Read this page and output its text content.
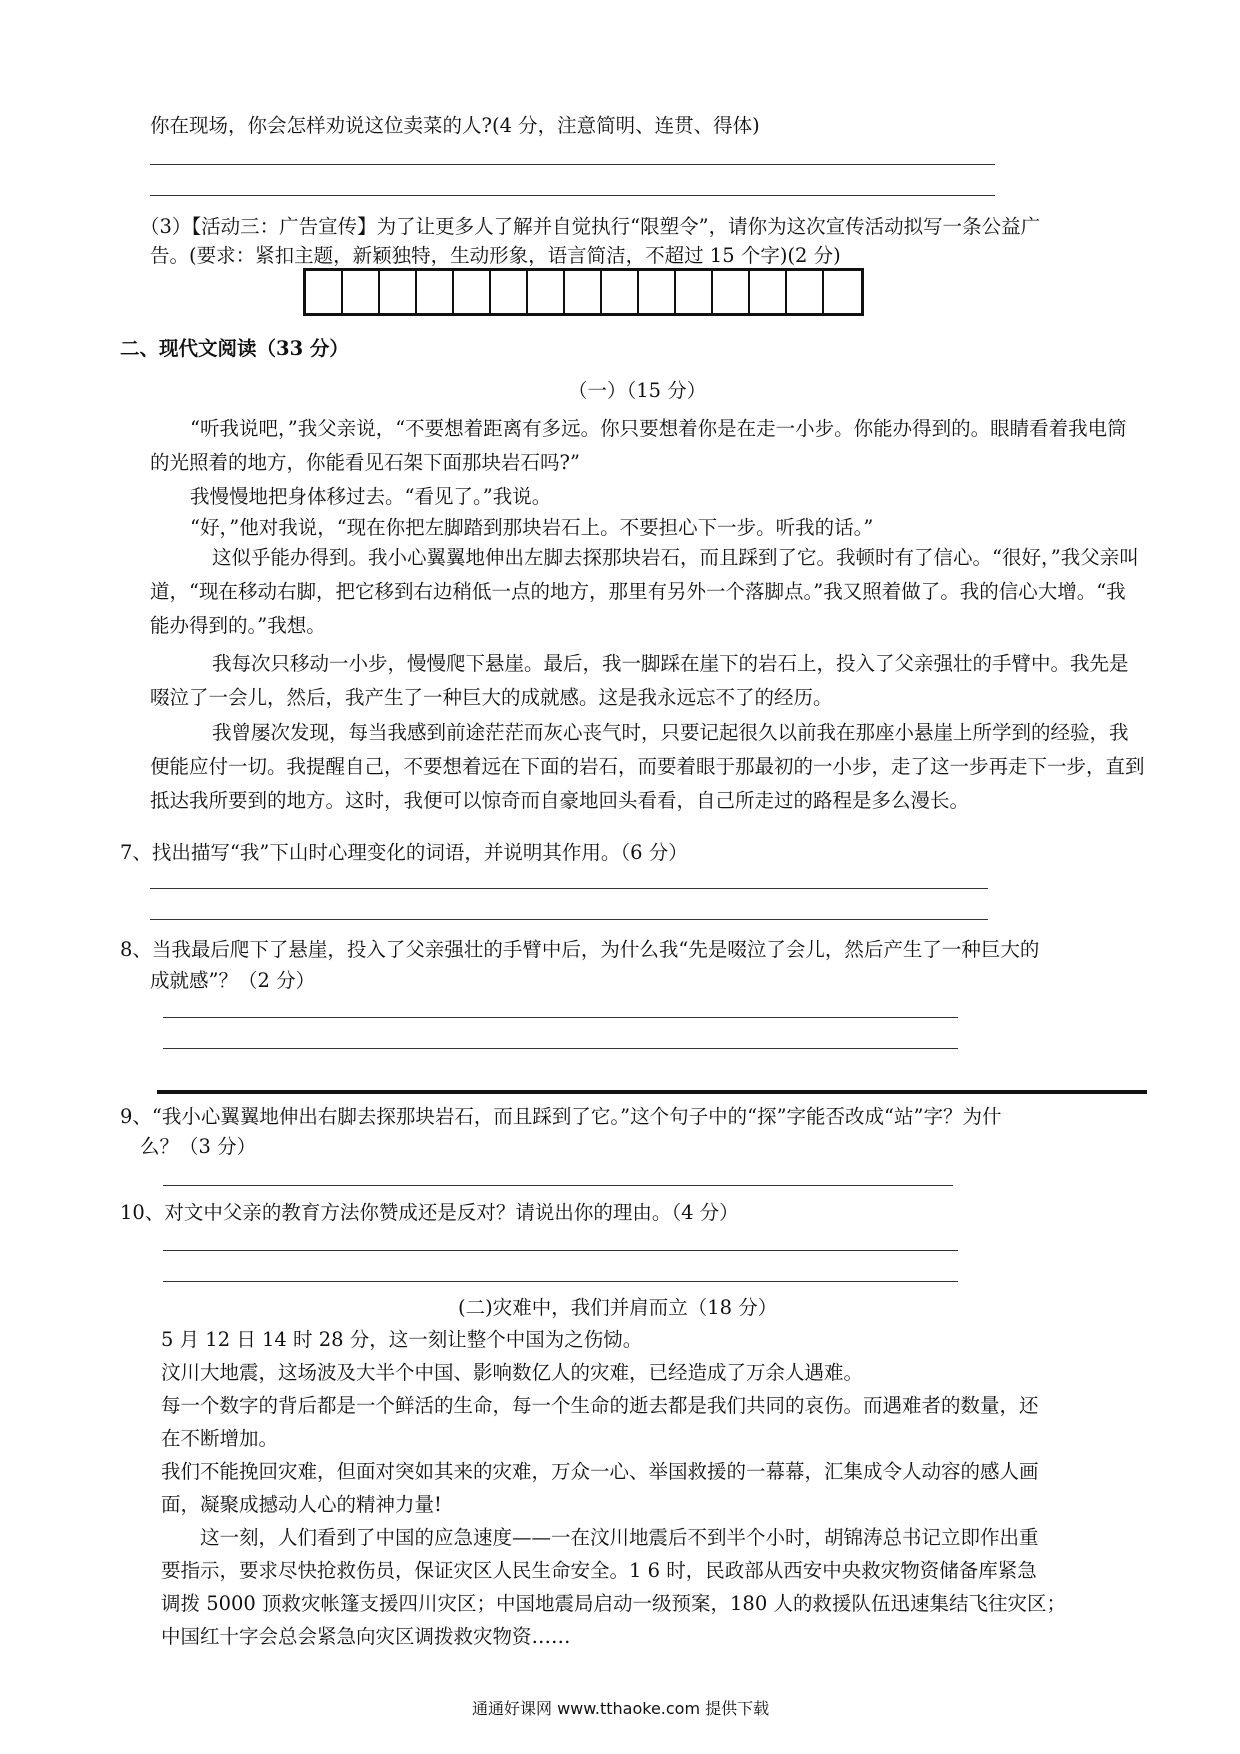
你在现场，你会怎样劝说这位卖菜的人?(4 分，注意简明、连贯、得体)
（3）【活动三：广告宣传】为了让更多人了解并自觉执行“限塑令”，请你为这次宣传活动拟写一条公益广
告。(要求：紧扣主题，新颖独特，生动形象，语言简洁，不超过 15 个字)(2 分)
二、现代文阅读（33 分）
（一）（15 分）
“听我说吧，”我父亲说，“不要想着距离有多远。你只要想着你是在走一小步。你能办得到的。眼睛看着我电筒的光照着的地方，你能看见石架下面那块岩石吗?”
我慢慢地把身体移过去。“看见了。”我说。
“好，”他对我说，“现在你把左脚踏到那块岩石上。不要担心下一步。听我的话。”
这似乎能办得到。我小心翼翼地伸出左脚去探那块岩石，而且踩到了它。我顿时有了信心。“很好，”我父亲叫道，“现在移动右脚，把它移到右边稍低一点的地方，那里有另外一个落脚点。”我又照着做了。我的信心大增。“我能办得到的。”我想。
我每次只移动一小步，慢慢爬下悬崖。最后，我一脚踩在崖下的岩石上，投入了父亲强壮的手臂中。我先是啜泣了一会儿，然后，我产生了一种巨大的成就感。这是我永远忘不了的经历。
我曾屡次发现，每当我感到前途茫茫而灰心丧气时，只要记起很久以前我在那座小悬崖上所学到的经验，我便能应付一切。我提醒自己，不要想着远在下面的岩石，而要着眼于那最初的一小步，走了这一步再走下一步，直到抵达我所要到的地方。这时，我便可以惊奇而自豪地回头看看，自己所走过的路程是多么漫长。
7、找出描写“我”下山时心理变化的词语，并说明其作用。（6 分）
8、当我最后爬下了悬崖，投入了父亲强壮的手臂中后，为什么我“先是啜泣了会儿，然后产生了一种巨大的
成就感”？（2 分）
9、“我小心翼翼地伸出右脚去探那块岩石，而且踩到了它。”这个句子中的“探”字能否改成“站”字？为什
么？（3 分）
10、对文中父亲的教育方法你赞成还是反对？请说出你的理由。（4 分）
(二)灾难中，我们并肩而立（18 分）
5 月 12 日 14 时 28 分，这一刻让整个中国为之伤恸。
汶川大地震，这场波及大半个中国、影响数亿人的灾难，已经造成了万余人遇难。
每一个数字的背后都是一个鲜活的生命，每一个生命的逝去都是我们共同的哀伤。而遇难者的数量，还
在不断增加。
我们不能挽回灾难，但面对突如其来的灾难，万众一心、举国救援的一幕幕，汇集成令人动容的感人画
面，凝聚成撼动人心的精神力量!
　　这一刻，人们看到了中国的应急速度——一在汶川地震后不到半个小时，胡锦涛总书记立即作出重
要指示，要求尽快抢救伤员，保证灾区人民生命安全。1 6 时，民政部从西安中央救灾物资储备库紧急
调拨 5000 顶救灾帐篷支援四川灾区；中国地震局启动一级预案，180 人的救援队伍迅速集结飞往灾区；
中国红十字会总会紧急向灾区调拨救灾物资……
通通好课网 www.tthaoke.com 提供下载
